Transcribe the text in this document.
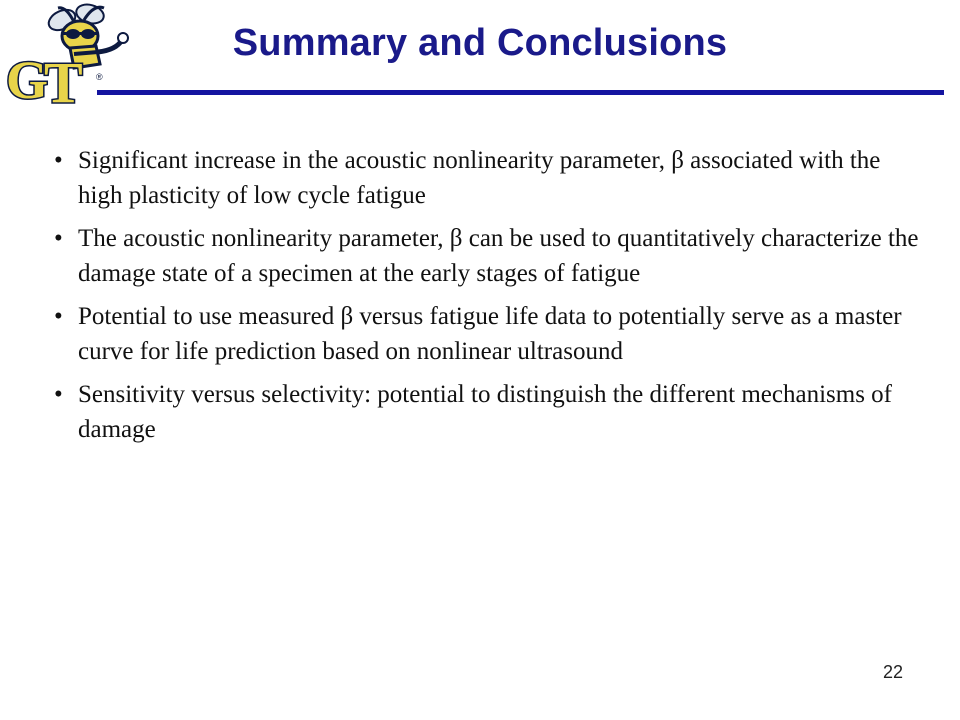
G
T ®
Summary and Conclusions
• Significant increase in the acoustic nonlinearity parameter, β associated with the high plasticity of low cycle fatigue
• The acoustic nonlinearity parameter, β can be used to quantitatively characterize the damage state of a specimen at the early stages of fatigue
• Potential to use measured β versus fatigue life data to potentially serve as a master curve for life prediction based on nonlinear ultrasound
• Sensitivity versus selectivity: potential to distinguish the different mechanisms of damage
22
